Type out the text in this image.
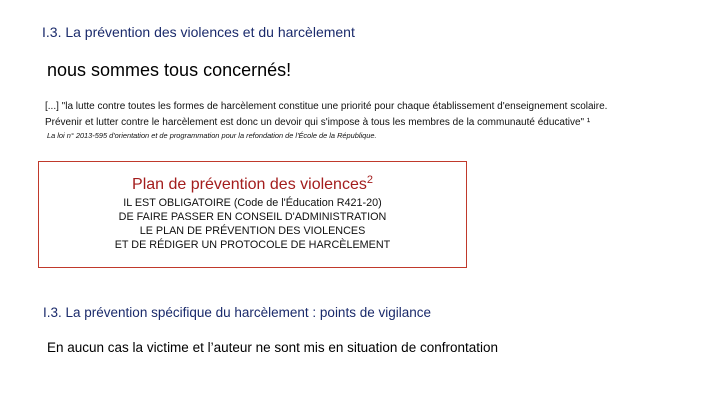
I.3. La prévention des violences et du harcèlement
nous sommes tous concernés!
[...] "la lutte contre toutes les formes de harcèlement constitue une priorité pour chaque établissement d'enseignement scolaire.
Prévenir et lutter contre le harcèlement est donc un devoir qui s'impose à tous les membres de la communauté éducative" ¹
La loi n° 2013-595 d'orientation et de programmation pour la refondation de l'École de la République.
Plan de prévention des violences$^2$
IL EST OBLIGATOIRE (Code de l'Éducation R421-20)
DE FAIRE PASSER EN CONSEIL D'ADMINISTRATION
LE PLAN DE PRÉVENTION DES VIOLENCES
ET DE RÉDIGER UN PROTOCOLE DE HARCÈLEMENT
I.3. La prévention spécifique du harcèlement : points de vigilance
En aucun cas la victime et l’auteur ne sont mis en situation de confrontation
